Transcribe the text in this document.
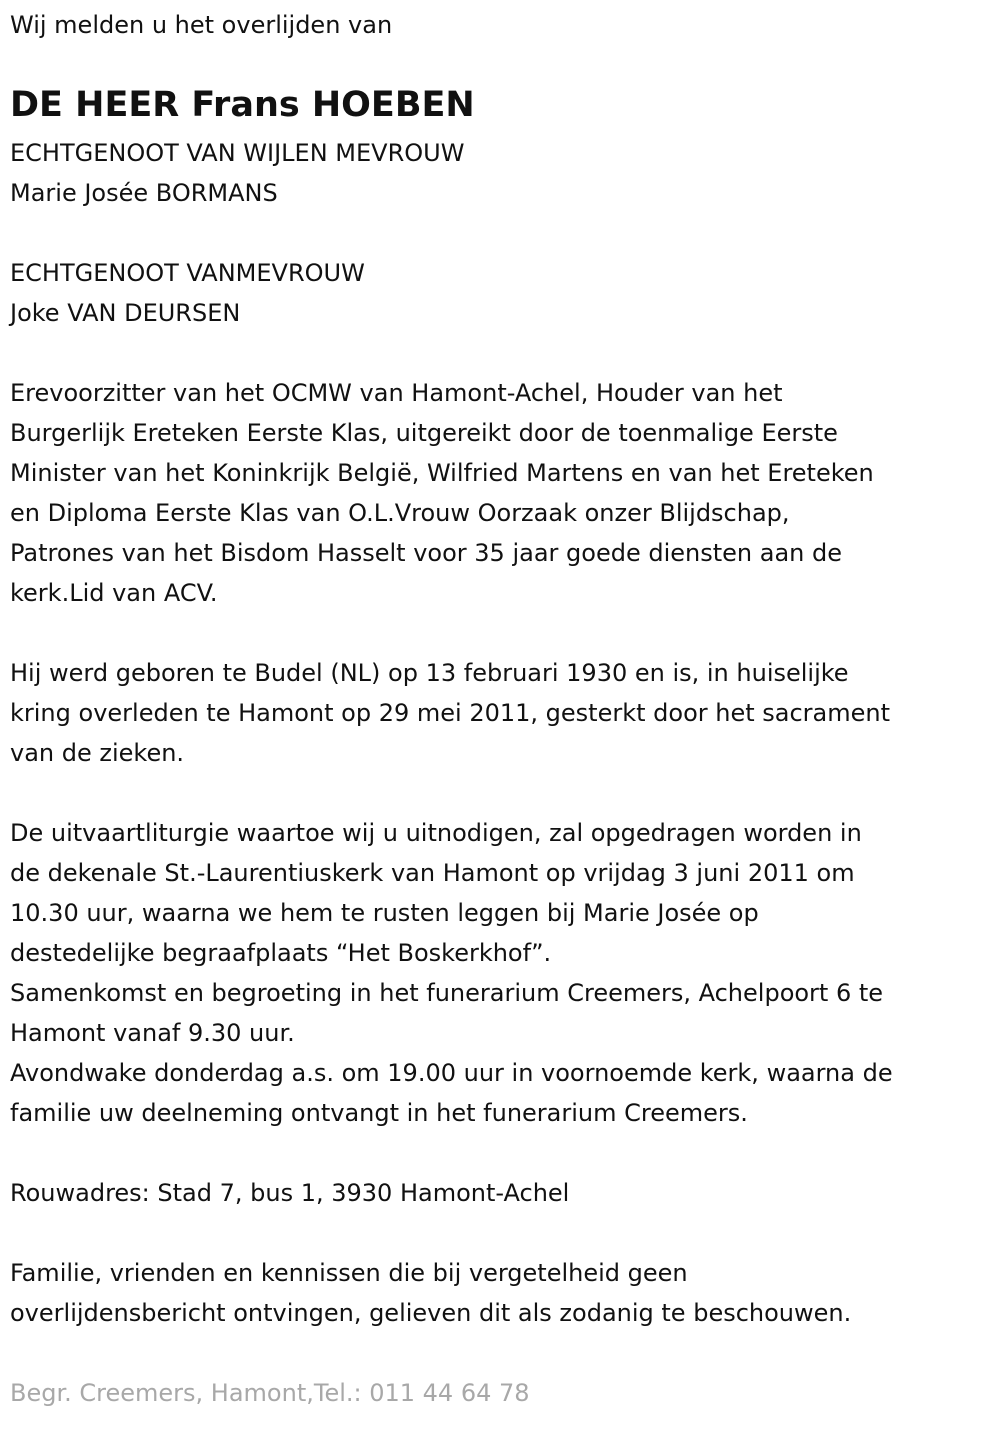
Wij melden u het overlijden van

DE HEER Frans HOEBEN

ECHTGENOOT VAN WIJLEN MEVROUW

Marie Josée BORMANS

ECHTGENOOT VANMEVROUW

Joke VAN DEURSEN

Erevoorzitter van het OCMW van Hamont-Achel, Houder van het

Burgerlijk Ereteken Eerste Klas, uitgereikt door de toenmalige Eerste

Minister van het Koninkrijk België, Wilfried Martens en van het Ereteken

en Diploma Eerste Klas van O.L.Vrouw Oorzaak onzer Blijdschap,

Patrones van het Bisdom Hasselt voor 35 jaar goede diensten aan de

kerk.Lid van ACV.

Hij werd geboren te Budel (NL) op 13 februari 1930 en is, in huiselijke

kring overleden te Hamont op 29 mei 2011, gesterkt door het sacrament

van de zieken.

De uitvaartliturgie waartoe wij u uitnodigen, zal opgedragen worden in

de dekenale St.-Laurentiuskerk van Hamont op vrijdag 3 juni 2011 om

10.30 uur, waarna we hem te rusten leggen bij Marie Josée op

destedelijke begraafplaats “Het Boskerkhof”.

Samenkomst en begroeting in het funerarium Creemers, Achelpoort 6 te

Hamont vanaf 9.30 uur.

Avondwake donderdag a.s. om 19.00 uur in voornoemde kerk, waarna de

familie uw deelneming ontvangt in het funerarium Creemers.

Rouwadres: Stad 7, bus 1, 3930 Hamont-Achel

Familie, vrienden en kennissen die bij vergetelheid geen

overlijdensbericht ontvingen, gelieven dit als zodanig te beschouwen.

Begr. Creemers, Hamont,Tel.: 011 44 64 78
